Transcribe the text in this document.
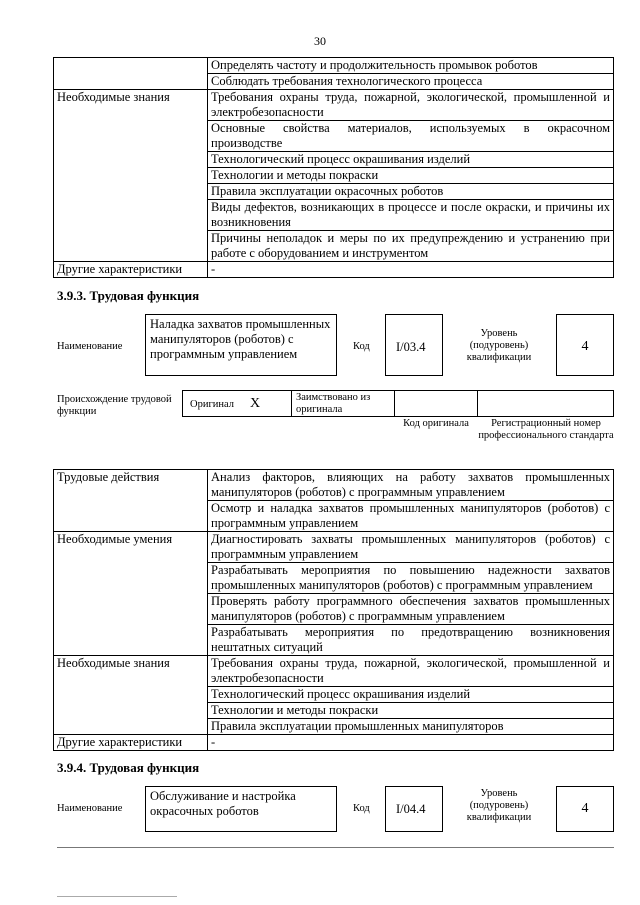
30
	Определять частоту и продолжительность промывок роботов
	Соблюдать требования технологического процесса
Необходимые знания	Требования охраны труда, пожарной, экологической, промышленной и электробезопасности
	Основные свойства материалов, используемых в окрасочном производстве
	Технологический процесс окрашивания изделий
	Технологии и методы покраски
	Правила эксплуатации окрасочных роботов
	Виды дефектов, возникающих в процессе и после окраски, и причины их возникновения
	Причины неполадок и меры по их предупреждению и устранению при работе с оборудованием и инструментом
Другие характеристики	-
3.9.3. Трудовая функция
Наименование
Наладка захватов промышленных манипуляторов (роботов) с программным управлением
Код	I/03.4
Уровень (подуровень) квалификации
4
Происхождение трудовой функции
Оригинал X	Заимствовано из оригинала
Код оригинала	Регистрационный номер профессионального стандарта
Трудовые действия	Анализ факторов, влияющих на работу захватов промышленных манипуляторов (роботов) с программным управлением
	Осмотр и наладка захватов промышленных манипуляторов (роботов) с программным управлением
Необходимые умения	Диагностировать захваты промышленных манипуляторов (роботов) с программным управлением
	Разрабатывать мероприятия по повышению надежности захватов промышленных манипуляторов (роботов) с программным управлением
	Проверять работу программного обеспечения захватов промышленных манипуляторов (роботов) с программным управлением
	Разрабатывать мероприятия по предотвращению возникновения нештатных ситуаций
Необходимые знания	Требования охраны труда, пожарной, экологической, промышленной и электробезопасности
	Технологический процесс окрашивания изделий
	Технологии и методы покраски
	Правила эксплуатации промышленных манипуляторов
Другие характеристики	-
3.9.4. Трудовая функция
Наименование
Обслуживание и настройка окрасочных роботов	Код	I/04.4
Уровень (подуровень) квалификации
4
